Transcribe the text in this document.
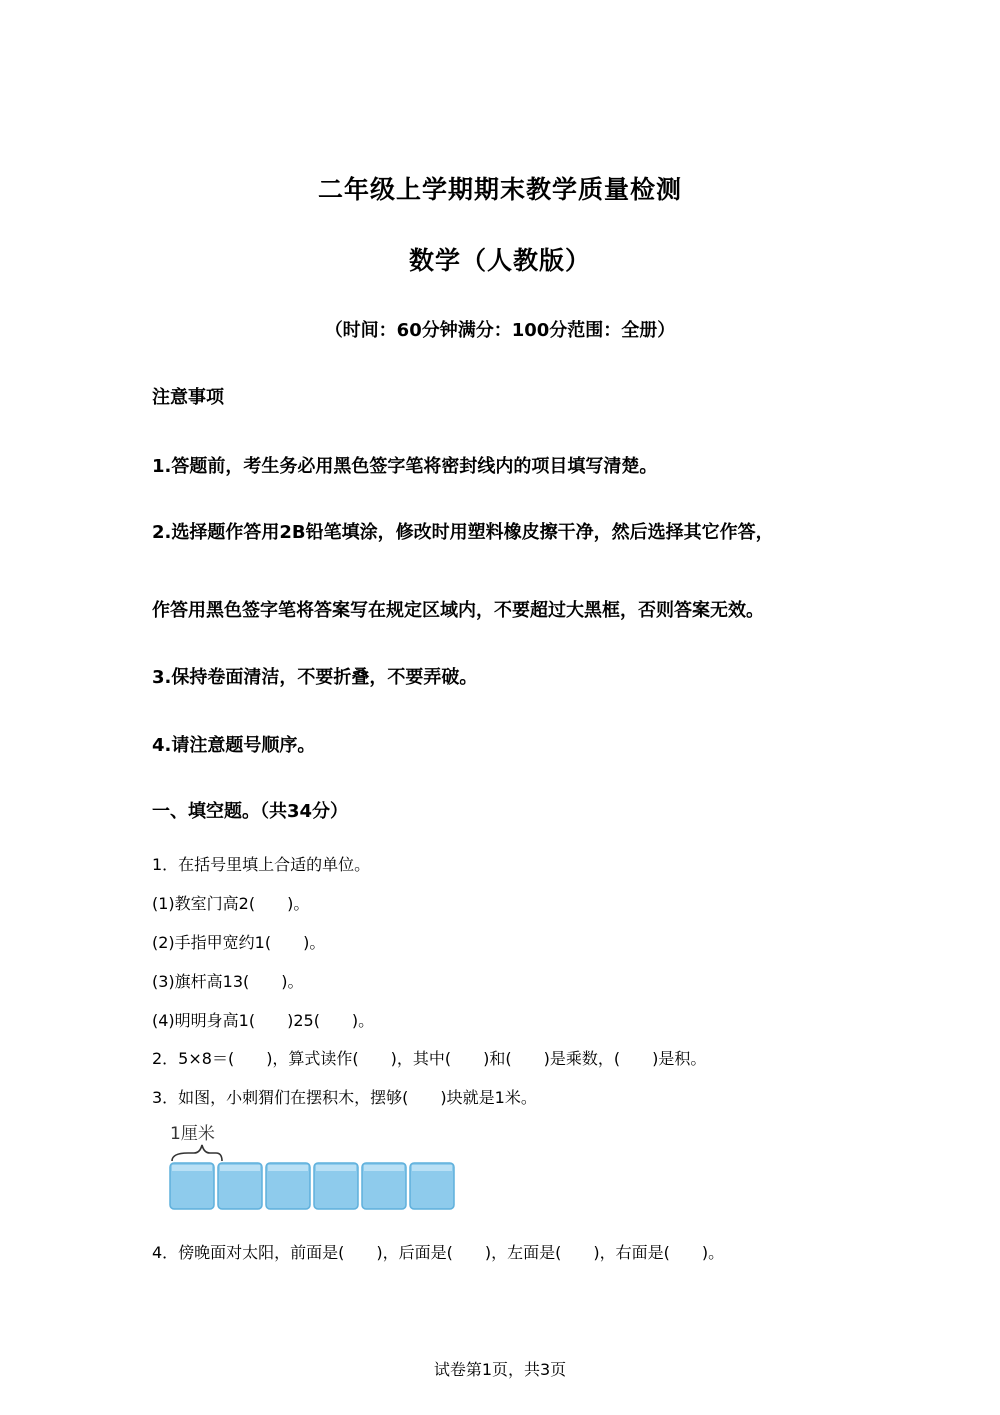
二年级上学期期末教学质量检测
数学（人教版）
（时间：60分钟满分：100分范围：全册）
注意事项
1.答题前，考生务必用黑色签字笔将密封线内的项目填写清楚。
2.选择题作答用2B铅笔填涂，修改时用塑料橡皮擦干净，然后选择其它作答，
作答用黑色签字笔将答案写在规定区域内，不要超过大黑框，否则答案无效。
3.保持卷面清洁，不要折叠，不要弄破。
4.请注意题号顺序。
一、填空题。（共34分）
1．在括号里填上合适的单位。
(1)教室门高2(　　)。
(2)手指甲宽约1(　　)。
(3)旗杆高13(　　)。
(4)明明身高1(　　)25(　　)。
2．5×8＝(　　)，算式读作(　　)，其中(　　)和(　　)是乘数，(　　)是积。
3．如图，小刺猬们在摆积木，摆够(　　)块就是1米。
1厘米
4．傍晚面对太阳，前面是(　　)，后面是(　　)，左面是(　　)，右面是(　　)。
试卷第1页，共3页
